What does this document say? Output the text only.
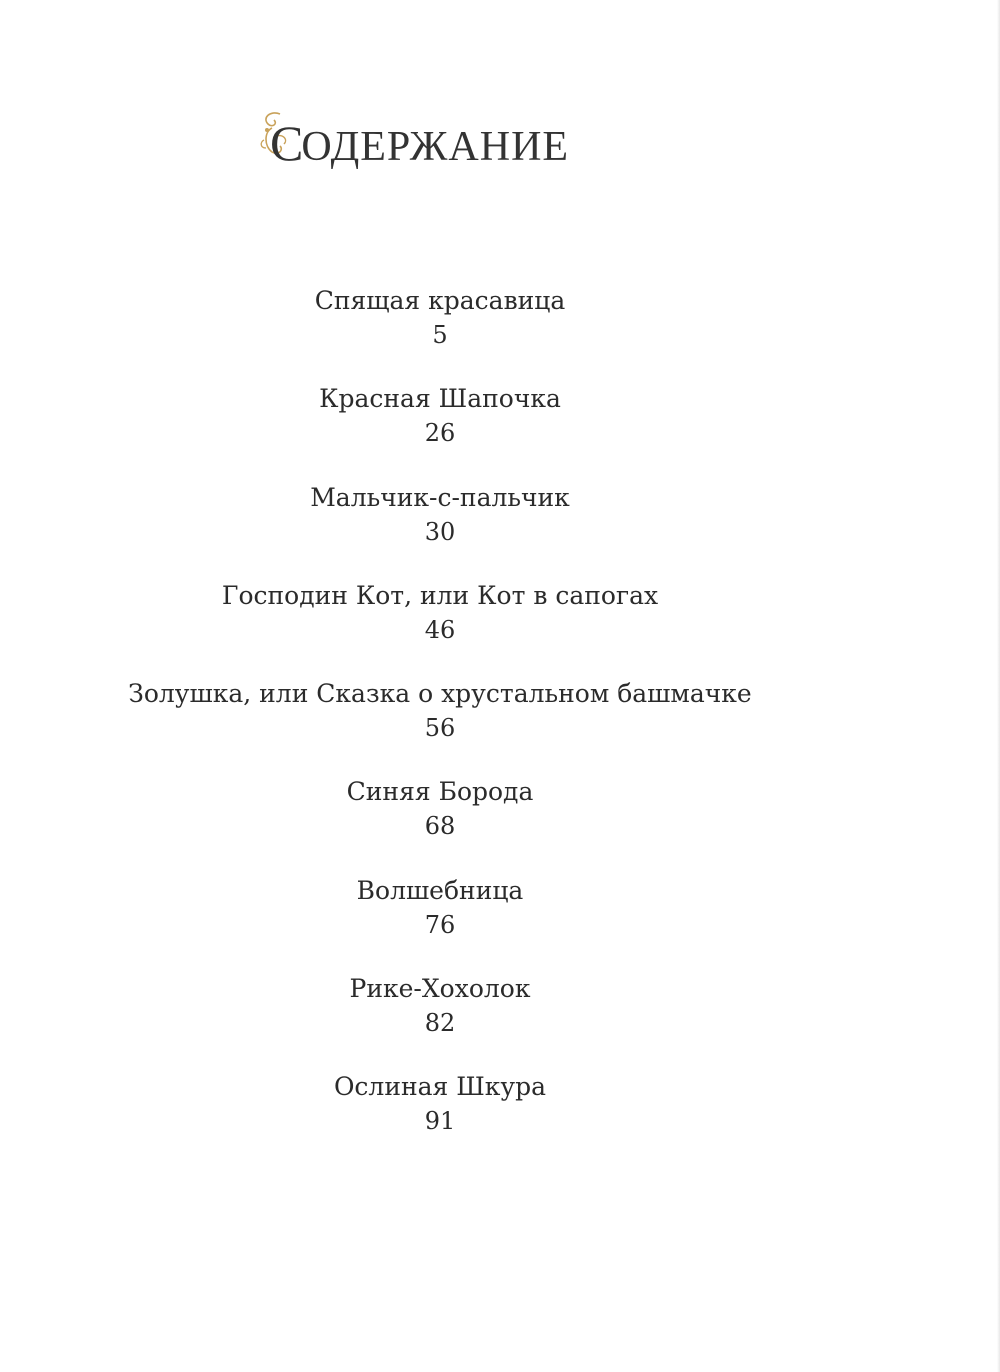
С
ОДЕРЖАНИЕ
Спящая красавица
5
Красная Шапочка
26
Мальчик-с-пальчик
30
Господин Кот, или Кот в сапогах
46
Золушка, или Сказка о хрустальном башмачке
56
Синяя Борода
68
Волшебница
76
Рике-Хохолок
82
Ослиная Шкура
91
